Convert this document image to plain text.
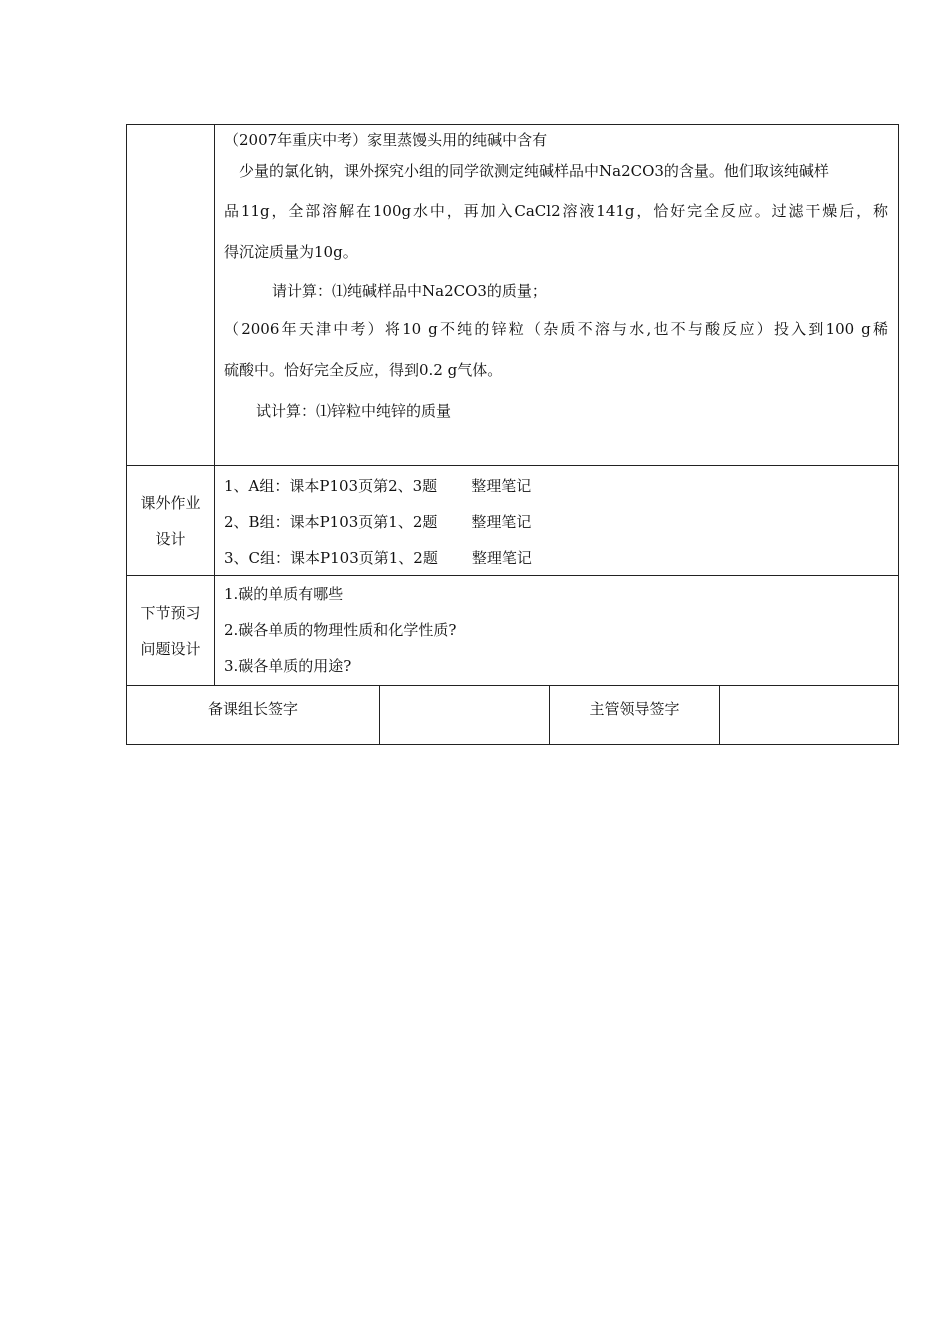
（2007年重庆中考）家里蒸馒头用的纯碱中含有

少量的氯化钠，课外探究小组的同学欲测定纯碱样品中Na2CO3的含量。他们取该纯碱样

品11g，全部溶解在100g水中，再加入CaCl2溶液141g，恰好完全反应。过滤干燥后，称

得沉淀质量为10g。

请计算：⑴纯碱样品中Na2CO3的质量；

（2006年天津中考）将10 g不纯的锌粒（杂质不溶与水,也不与酸反应）投入到100 g稀

硫酸中。恰好完全反应，得到0.2 g气体。

试计算：⑴锌粒中纯锌的质量

课外作业
设计
1、A组：课本P103页第2、3题 整理笔记
2、B组：课本P103页第1、2题 整理笔记
3、C组：课本P103页第1、2题 整理笔记
下节预习
问题设计
1.碳的单质有哪些
2.碳各单质的物理性质和化学性质?
3.碳各单质的用途?
备课组长签字	主管领导签字
